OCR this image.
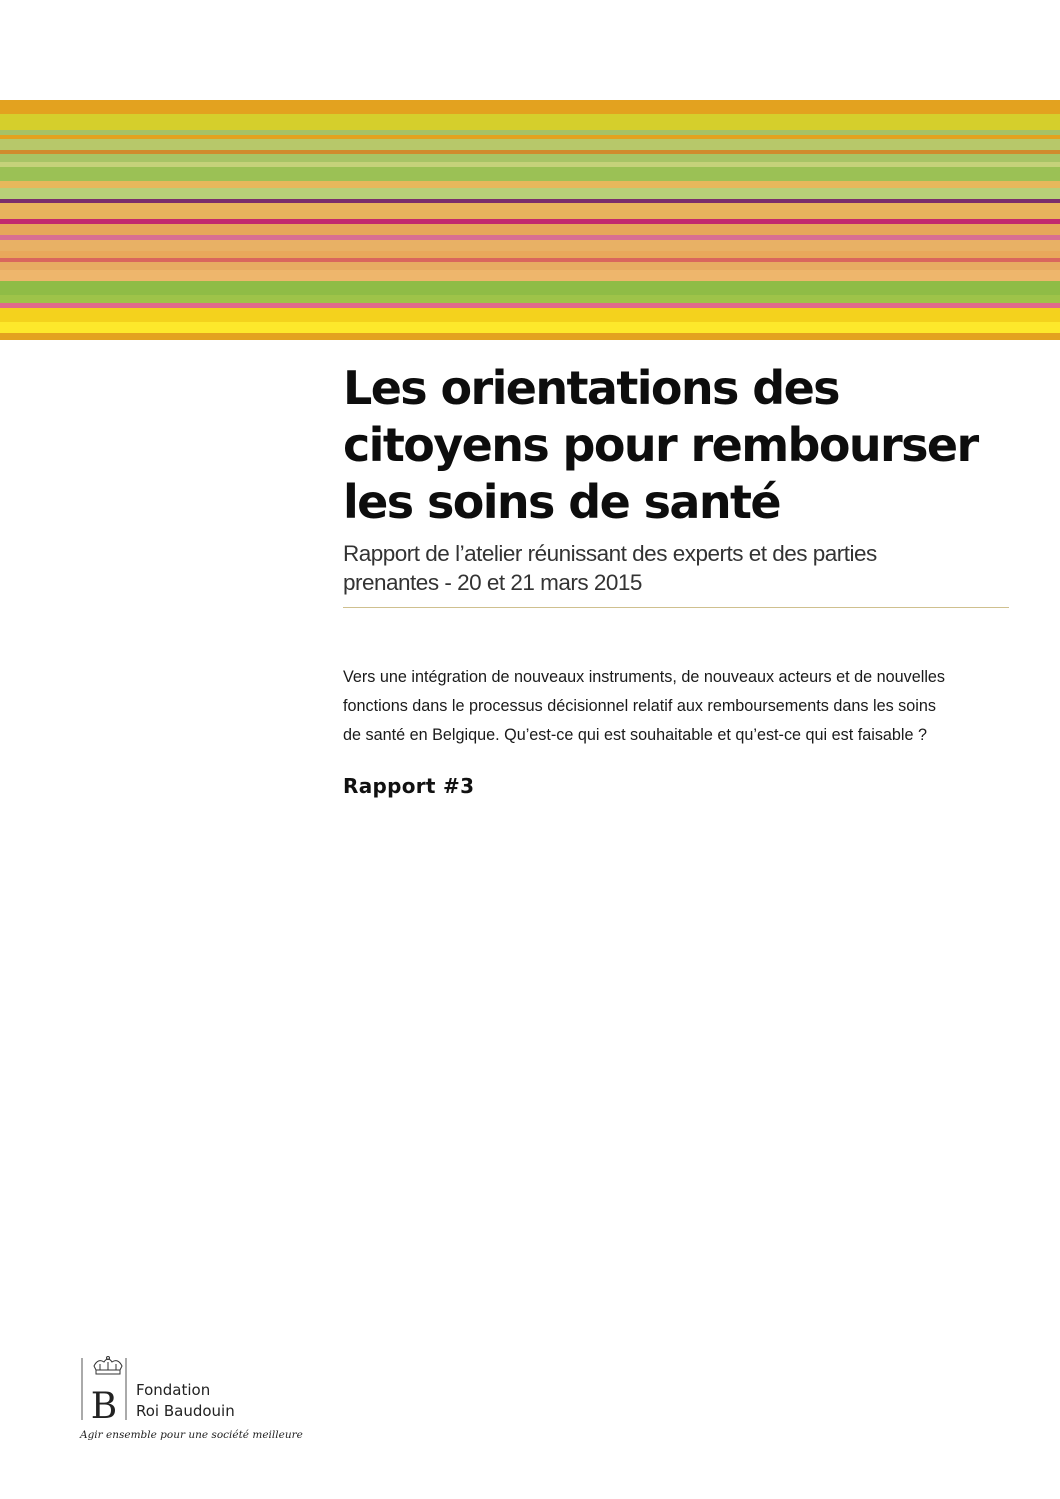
Les orientations des
citoyens pour rembourser
les soins de santé
Rapport de l’atelier réunissant des experts et des parties
prenantes - 20 et 21 mars 2015
Vers une intégration de nouveaux instruments, de nouveaux acteurs et de nouvelles
fonctions dans le processus décisionnel relatif aux remboursements dans les soins
de santé en Belgique. Qu’est-ce qui est souhaitable et qu’est-ce qui est faisable ?
Rapport #3
B Fondation
Roi Baudouin
Agir ensemble pour une société meilleure
